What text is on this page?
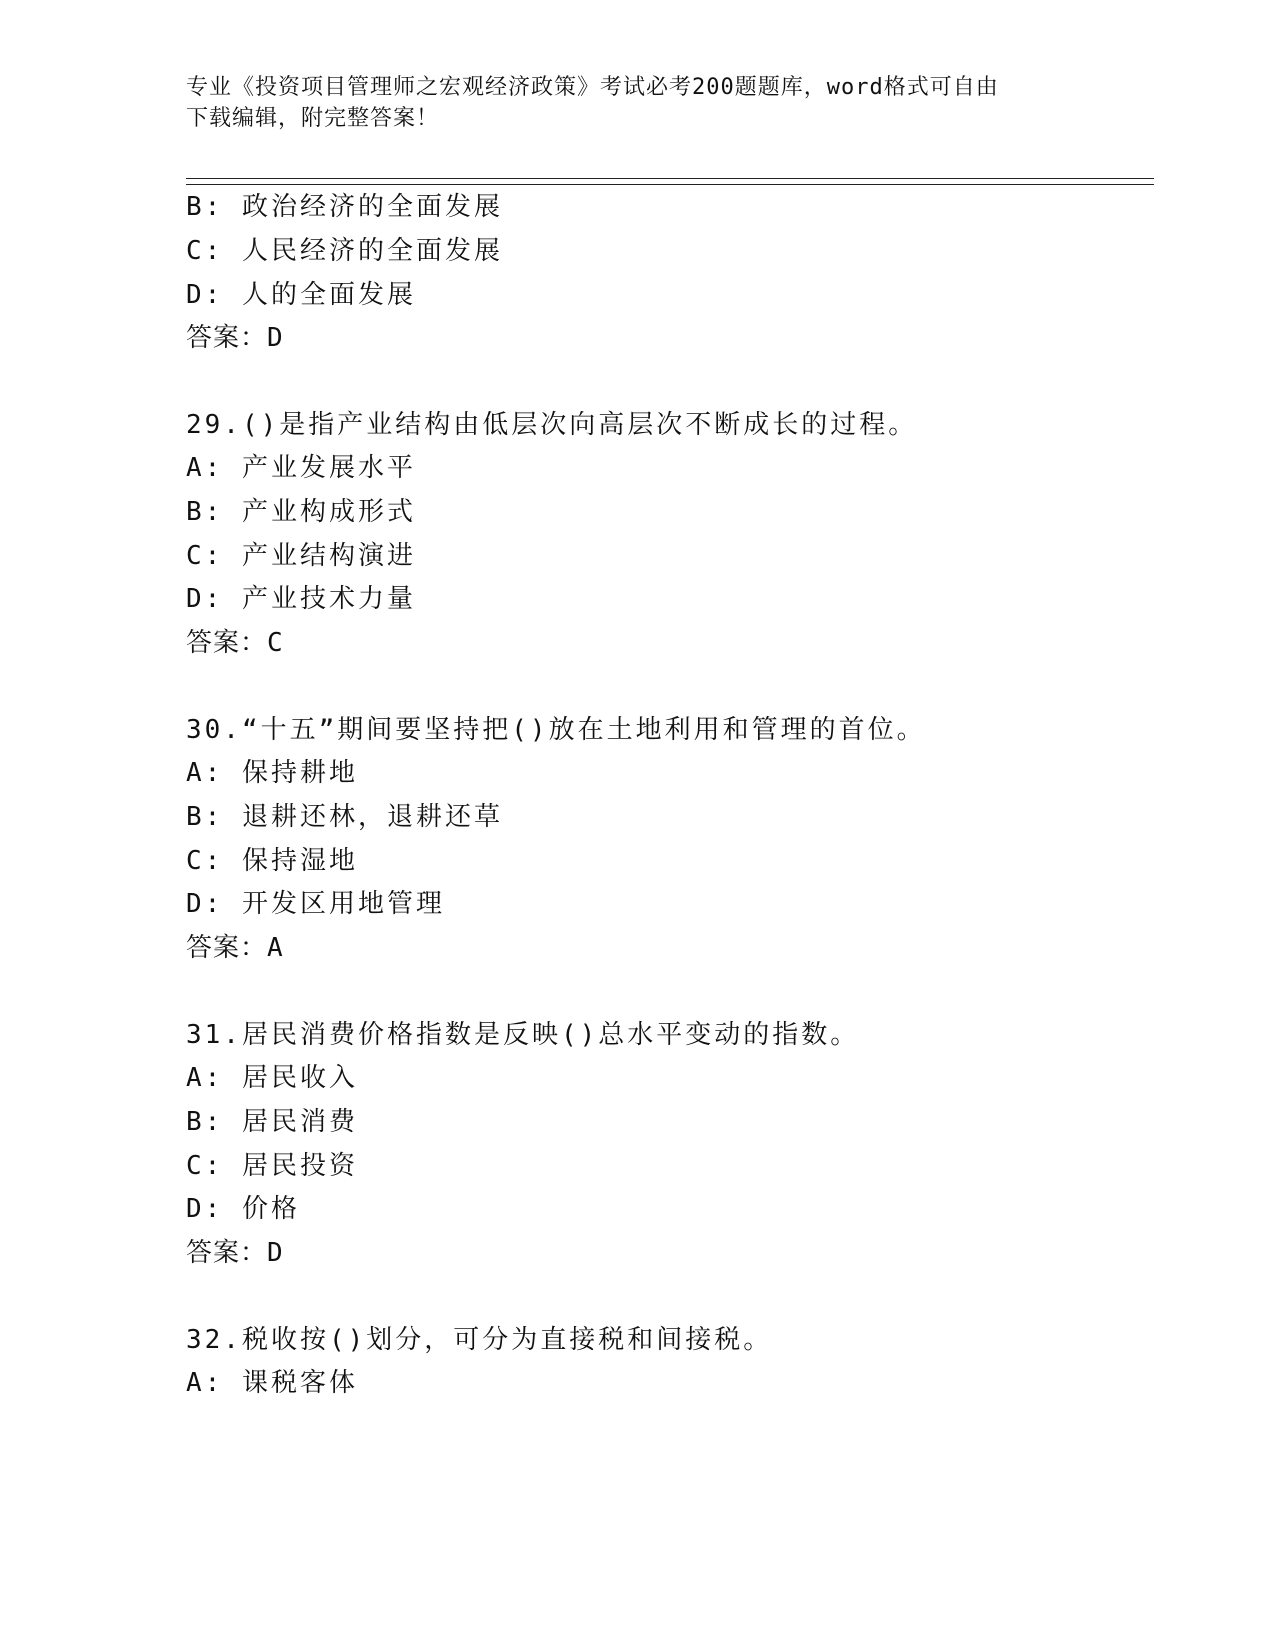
专业《投资项目管理师之宏观经济政策》考试必考200题题库，word格式可自由
下载编辑，附完整答案！
B: 政治经济的全面发展
C: 人民经济的全面发展
D: 人的全面发展
答案：D
29.()是指产业结构由低层次向高层次不断成长的过程。
A: 产业发展水平
B: 产业构成形式
C: 产业结构演进
D: 产业技术力量
答案：C
30.“十五”期间要坚持把()放在土地利用和管理的首位。
A: 保持耕地
B: 退耕还林，退耕还草
C: 保持湿地
D: 开发区用地管理
答案：A
31.居民消费价格指数是反映()总水平变动的指数。
A: 居民收入
B: 居民消费
C: 居民投资
D: 价格
答案：D
32.税收按()划分，可分为直接税和间接税。
A: 课税客体
